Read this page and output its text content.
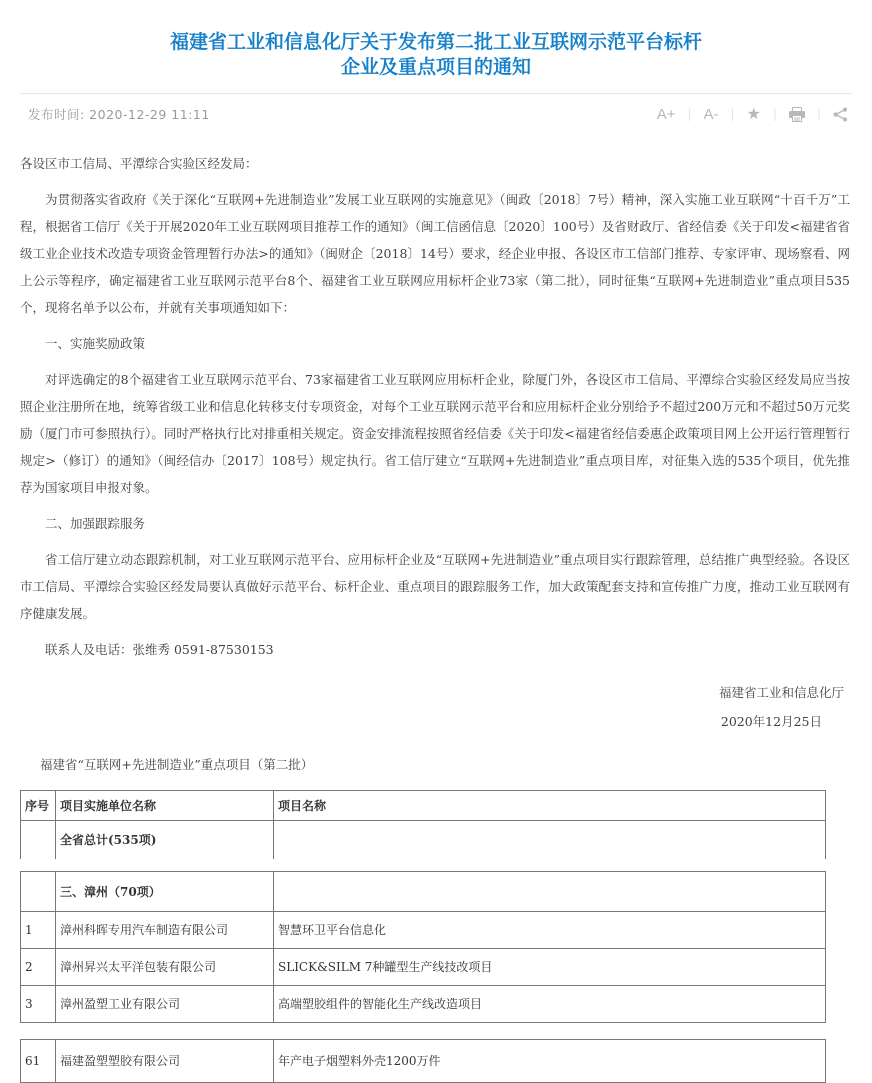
福建省工业和信息化厅关于发布第二批工业互联网示范平台标杆
企业及重点项目的通知
发布时间: 2020-12-29 11:11	A+ | A- | ★ |	|

各设区市工信局、平潭综合实验区经发局：

为贯彻落实省政府《关于深化“互联网+先进制造业”发展工业互联网的实施意见》（闽政〔2018〕7号）精神，深入实施工业互联网“十百千万”工程，根据省工信厅《关于开展2020年工业互联网项目推荐工作的通知》（闽工信函信息〔2020〕100号）及省财政厅、省经信委《关于印发<福建省省级工业企业技术改造专项资金管理暂行办法>的通知》（闽财企〔2018〕14号）要求，经企业申报、各设区市工信部门推荐、专家评审、现场察看、网上公示等程序，确定福建省工业互联网示范平台8个、福建省工业互联网应用标杆企业73家（第二批），同时征集“互联网+先进制造业”重点项目535个，现将名单予以公布，并就有关事项通知如下：

一、实施奖励政策

对评选确定的8个福建省工业互联网示范平台、73家福建省工业互联网应用标杆企业，除厦门外，各设区市工信局、平潭综合实验区经发局应当按照企业注册所在地，统筹省级工业和信息化转移支付专项资金，对每个工业互联网示范平台和应用标杆企业分别给予不超过200万元和不超过50万元奖励（厦门市可参照执行）。同时严格执行比对排重相关规定。资金安排流程按照省经信委《关于印发<福建省经信委惠企政策项目网上公开运行管理暂行规定>（修订）的通知》（闽经信办〔2017〕108号）规定执行。省工信厅建立“互联网+先进制造业”重点项目库，对征集入选的535个项目，优先推荐为国家项目申报对象。

二、加强跟踪服务

省工信厅建立动态跟踪机制，对工业互联网示范平台、应用标杆企业及“互联网+先进制造业”重点项目实行跟踪管理，总结推广典型经验。各设区市工信局、平潭综合实验区经发局要认真做好示范平台、标杆企业、重点项目的跟踪服务工作，加大政策配套支持和宣传推广力度，推动工业互联网有序健康发展。

联系人及电话：张维秀 0591-87530153

福建省工业和信息化厅
2020年12月25日
福建省“互联网+先进制造业”重点项目（第二批）
序号	项目实施单位名称	项目名称
	全省总计(535项)	
	三、漳州（70项）	
1	漳州科晖专用汽车制造有限公司	智慧环卫平台信息化
2	漳州昇兴太平洋包装有限公司	SLICK&SILM 7种罐型生产线技改项目
3	漳州盈塑工业有限公司	高端塑胶组件的智能化生产线改造项目
61	福建盈塑塑胶有限公司	年产电子烟塑料外壳1200万件
